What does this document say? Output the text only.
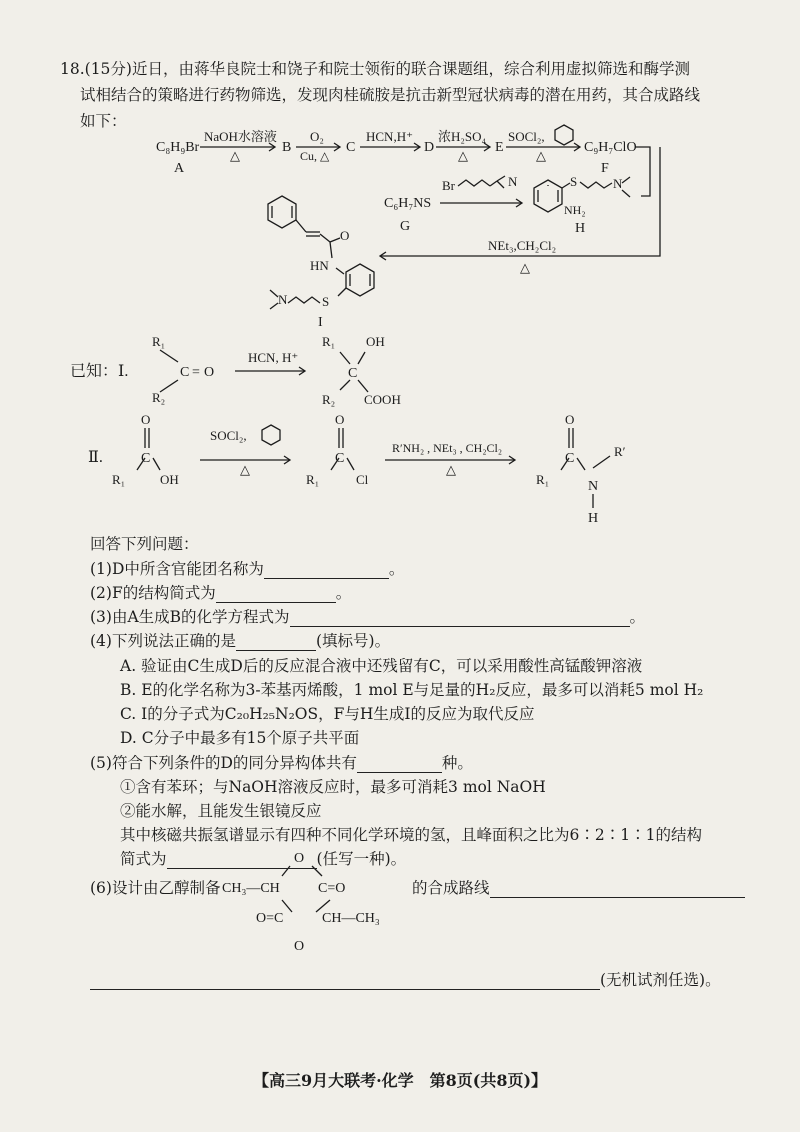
18.(15分)近日，由蒋华良院士和饶子和院士领衔的联合课题组，综合利用虚拟筛选和酶学测
试相结合的策略进行药物筛选，发现肉桂硫胺是抗击新型冠状病毒的潜在用药，其合成路线
如下：
C₈H₉Br
A
NaOH水溶液
△
B
O₂
Cu, △
C
HCN,H⁺
D
浓H₂SO₄
△
E
SOCl₂,
△
C₉H₇ClO
F
C₆H₇NS
G
Br	N	S	N
NH₂
H
NEt₃,CH₂Cl₂
△
O
HN
S
N
I
已知：Ⅰ.
R₁
R₂
C = O
HCN, H⁺
R₁ OH
C
R₂ COOH
Ⅱ.
O
C
R₁	OH
SOCl₂,
△
O
C
R₁	Cl
R′NH₂ , NEt₃ , CH₂Cl₂
△
O
C
R₁
R′
N
H
O
CH₃—CH	C=O
O=C	CH—CH₃
O
回答下列问题：
(1)D中所含官能团名称为	。
(2)F的结构简式为	。
(3)由A生成B的化学方程式为	。
(4)下列说法正确的是	(填标号)。
A. 验证由C生成D后的反应混合液中还残留有C，可以采用酸性高锰酸钾溶液
B. E的化学名称为3-苯基丙烯酸，1 mol E与足量的H₂反应，最多可以消耗5 mol H₂
C. I的分子式为C₂₀H₂₅N₂OS，F与H生成I的反应为取代反应
D. C分子中最多有15个原子共平面
(5)符合下列条件的D的同分异构体共有	种。
①含有苯环；与NaOH溶液反应时，最多可消耗3 mol NaOH
②能水解，且能发生银镜反应
其中核磁共振氢谱显示有四种不同化学环境的氢，且峰面积之比为6∶2∶1∶1的结构
简式为	(任写一种)。
(6)设计由乙醇制备	的合成路线
(无机试剂任选)。
【高三9月大联考·化学　第8页(共8页)】
